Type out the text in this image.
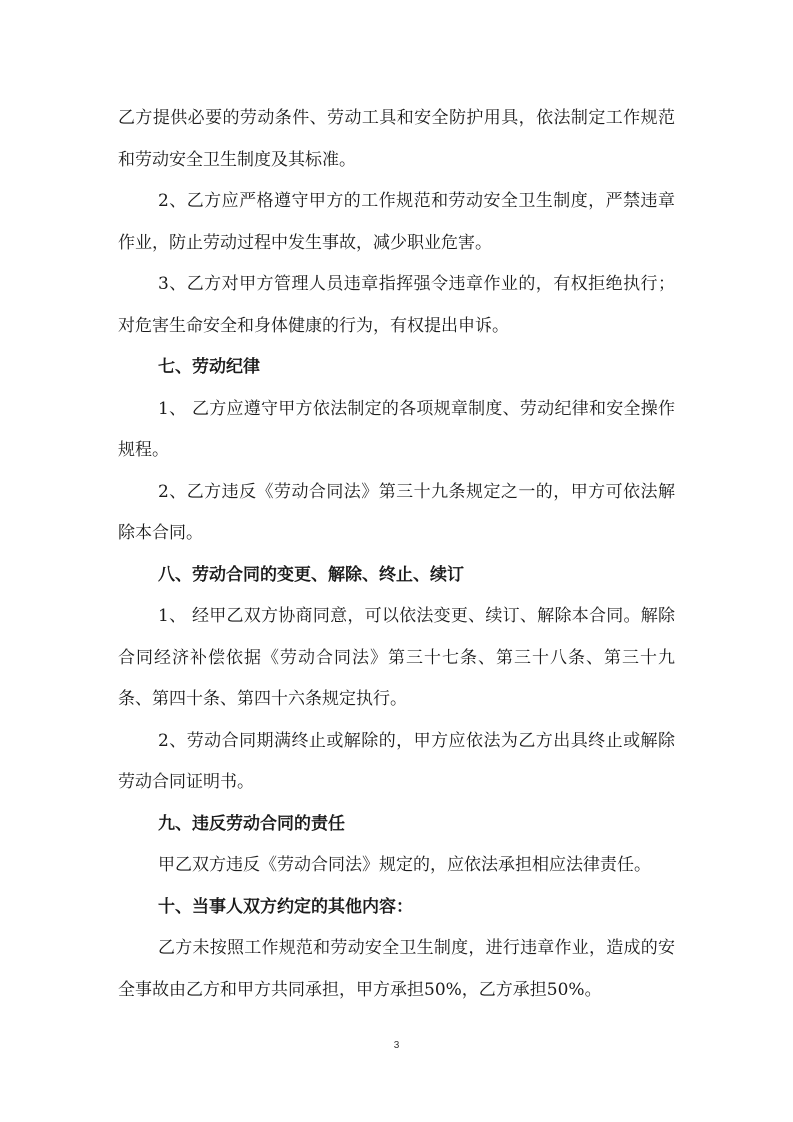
乙方提供必要的劳动条件、劳动工具和安全防护用具，依法制定工作规范和劳动安全卫生制度及其标准。

2、乙方应严格遵守甲方的工作规范和劳动安全卫生制度，严禁违章作业，防止劳动过程中发生事故，减少职业危害。

3、乙方对甲方管理人员违章指挥强令违章作业的，有权拒绝执行；对危害生命安全和身体健康的行为，有权提出申诉。

七、劳动纪律

1、 乙方应遵守甲方依法制定的各项规章制度、劳动纪律和安全操作规程。

2、乙方违反《劳动合同法》第三十九条规定之一的，甲方可依法解除本合同。

八、劳动合同的变更、解除、终止、续订

1、 经甲乙双方协商同意，可以依法变更、续订、解除本合同。解除合同经济补偿依据《劳动合同法》第三十七条、第三十八条、第三十九条、第四十条、第四十六条规定执行。

2、劳动合同期满终止或解除的，甲方应依法为乙方出具终止或解除劳动合同证明书。

九、违反劳动合同的责任

甲乙双方违反《劳动合同法》规定的，应依法承担相应法律责任。

十、当事人双方约定的其他内容：

乙方未按照工作规范和劳动安全卫生制度，进行违章作业，造成的安全事故由乙方和甲方共同承担，甲方承担50%，乙方承担50%。

3
